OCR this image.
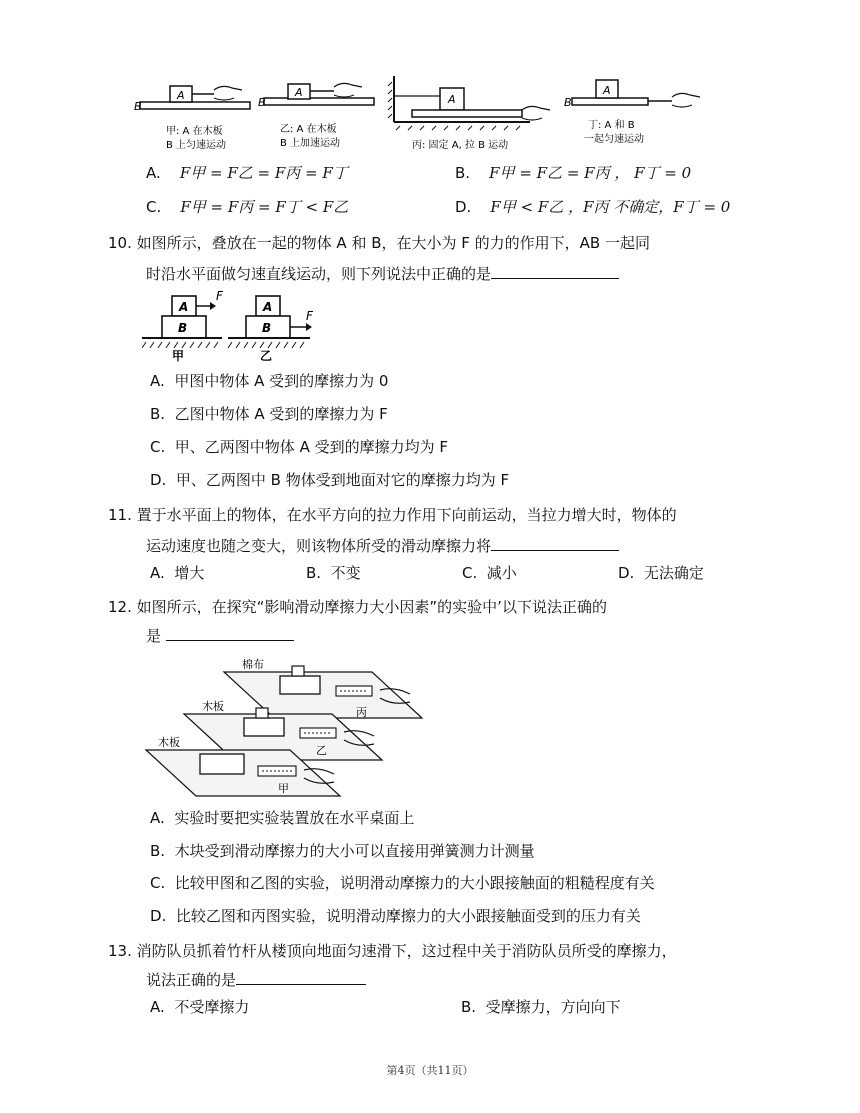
B
A
甲: A 在木板
B 上匀速运动
B
A
乙: A 在木板
B 上加速运动
A
丙: 固定 A, 拉 B 运动
B
A
丁: A 和 B
一起匀速运动
A. F甲 = F乙 = F丙 = F丁	B. F甲 = F乙 = F丙 ， F丁 = 0
C. F甲 = F丙 = F丁 < F乙	D. F甲 < F乙 ，F丙 不确定，F丁 = 0
10. 如图所示，叠放在一起的物体 A 和 B，在大小为 F 的力的作用下，AB 一起同
时沿水平面做匀速直线运动，则下列说法中正确的是
A
B
F
甲
A
B
F
乙
A. 甲图中物体 A 受到的摩擦力为 0
B. 乙图中物体 A 受到的摩擦力为 F
C. 甲、乙两图中物体 A 受到的摩擦力均为 F
D. 甲、乙两图中 B 物体受到地面对它的摩擦力均为 F
11. 置于水平面上的物体，在水平方向的拉力作用下向前运动，当拉力增大时，物体的
运动速度也随之变大，则该物体所受的滑动摩擦力将
A. 增大	B. 不变	C. 减小	D. 无法确定
12. 如图所示，在探究“影响滑动摩擦力大小因素”的实验中’以下说法正确的
是
棉布
木板
木板
丙
乙
甲
A. 实验时要把实验装置放在水平桌面上
B. 木块受到滑动摩擦力的大小可以直接用弹簧测力计测量
C. 比较甲图和乙图的实验，说明滑动摩擦力的大小跟接触面的粗糙程度有关
D. 比较乙图和丙图实验，说明滑动摩擦力的大小跟接触面受到的压力有关
13. 消防队员抓着竹杆从楼顶向地面匀速滑下，这过程中关于消防队员所受的摩擦力，
说法正确的是
A. 不受摩擦力	B. 受摩擦力，方向向下
第4页（共11页）
